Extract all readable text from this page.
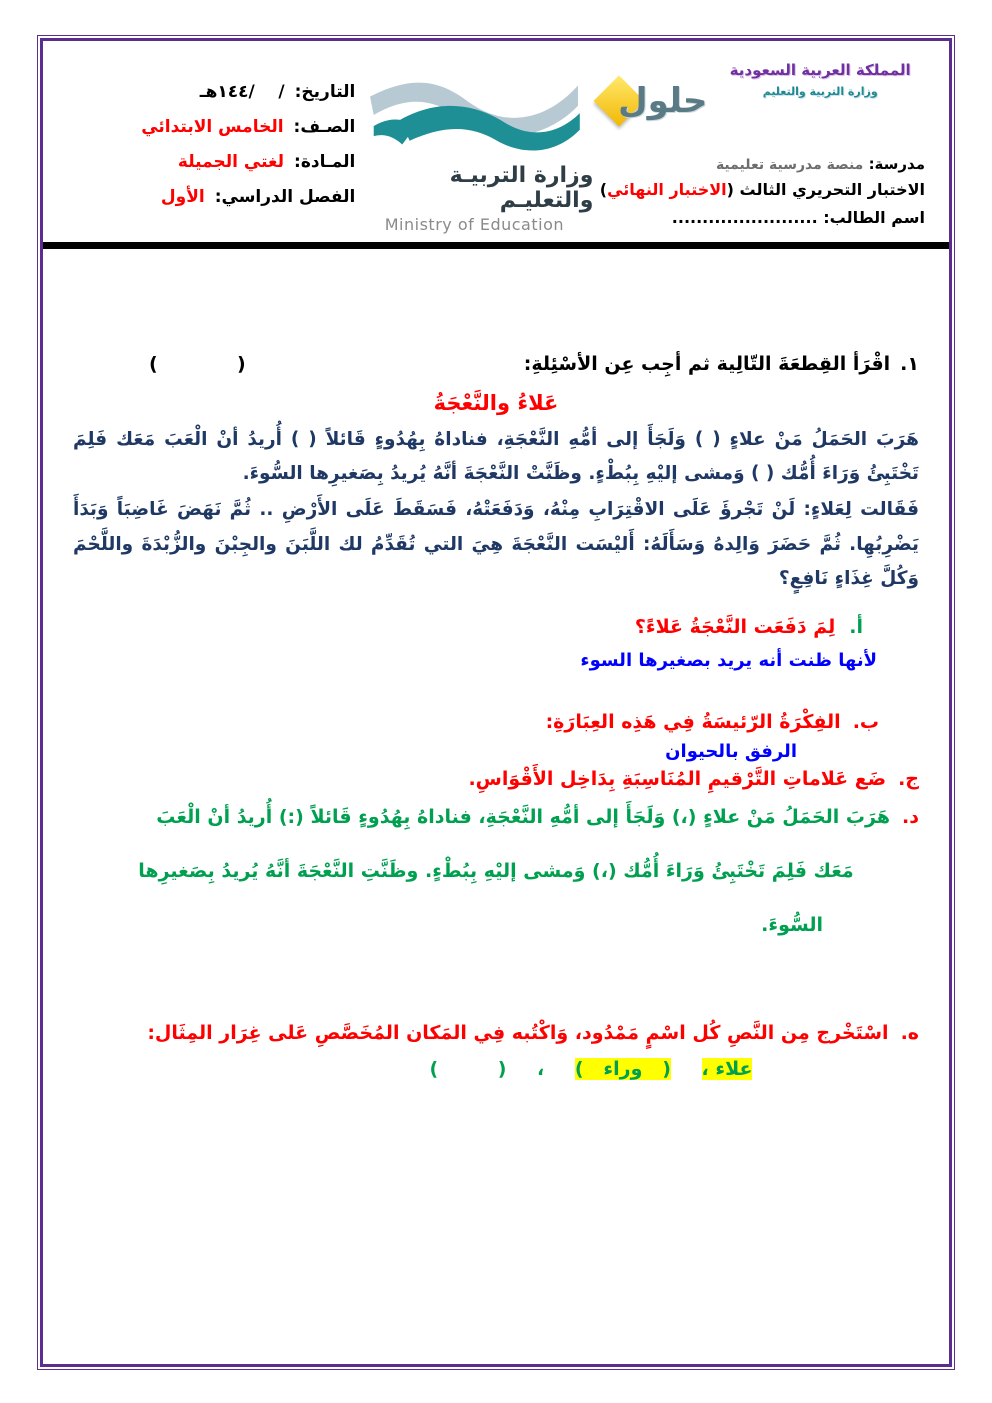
المملكة العربية السعودية
وزارة التربية والتعليم
حلول
مدرسة: منصة مدرسية تعليمية
الاختبار التحريري الثالث (الاختبار النهائي)
اسم الطالب: ........................
وزارة التربيـة والتعليـم
Ministry of Education
التاريخ:
/    /١٤٤هـ
الصـف:
الخامس الابتدائي
المـادة:
لغتي الجميلة
الفصل الدراسي:
الأول
١.
اقْرَأ القِطعَةَ التّالِية ثم أجِب عِن الأسْئِلةِ:
(            )
عَلاءُ والنَّعْجَةُ

هَرَبَ الحَمَلُ مَنْ علاءٍ ( ) وَلَجَأَ إلى أمُّهِ النَّعْجَةِ، فناداهُ بِهُدُوءٍ قَائلاً ( ) أُريدُ أنْ الْعَبَ مَعَك فَلِمَ تَخْتَبِئُ وَرَاءَ أُمُّك ( ) وَمشى إليْهِ بِبُطْءٍ. وظَنَّتْ النَّعْجَةَ أنَّهُ يُريدُ بِصَغيرِها السُّوءَ.

فَقَالت لِعَلاءٍ: لَنْ تَجْرؤَ عَلَى الاقْتِرَابِ مِنْهُ، وَدَفَعَتْهُ، فَسَقَطَ عَلَى الأَرْضِ .. ثُمَّ نَهَضَ غَاضِبَاً وَبَدَأَ يَضْرِبُهِا. ثُمَّ حَضَرَ وَالِدهُ وَسَأَلَهُ: أَليْسَت النَّعْجَةَ هِيَ التي تُقَدِّمُ لك اللَّبَنَ والجِبْنَ والزُّبْدَةَ واللَّحْمَ وَكُلَّ غِذَاءٍ نَافِعٍ؟

أ.لِمَ دَفَعَت النَّعْجَةُ عَلاءً؟
لأنها ظنت أنه يريد بصغيرها السوء
ب.الفِكْرَةُ الرّئيسَةُ فِي هَذِه العِبَارَةِ:
الرفق بالحيوان
ج.ضَع عَلاماتِ التَّرْقيمِ المُنَاسِبَةِ بِدَاخِل الأَقْوَاسِ.
د.هَرَبَ الحَمَلُ مَنْ علاءٍ (،) وَلَجَأَ إلى أمُّهِ النَّعْجَةِ، فناداهُ بِهُدُوءٍ قَائلاً (:) أُريدُ أنْ الْعَبَ
مَعَك فَلِمَ تَخْتَبِئُ وَرَاءَ أُمُّك (،) وَمشى إليْهِ بِبُطْءٍ. وظَنَّتِ النَّعْجَةَ أنَّهُ يُريدُ بِصَغيرِها
السُّوءَ.
ه.اسْتَخْرج مِن النَّصِ كُل اسْمٍ مَمْدُود، وَاكْتُبه فِي المَكان المُخَصَّصِ عَلى غِرَار المِثَال:
علاء ، (   وراء   ) ، (         )
